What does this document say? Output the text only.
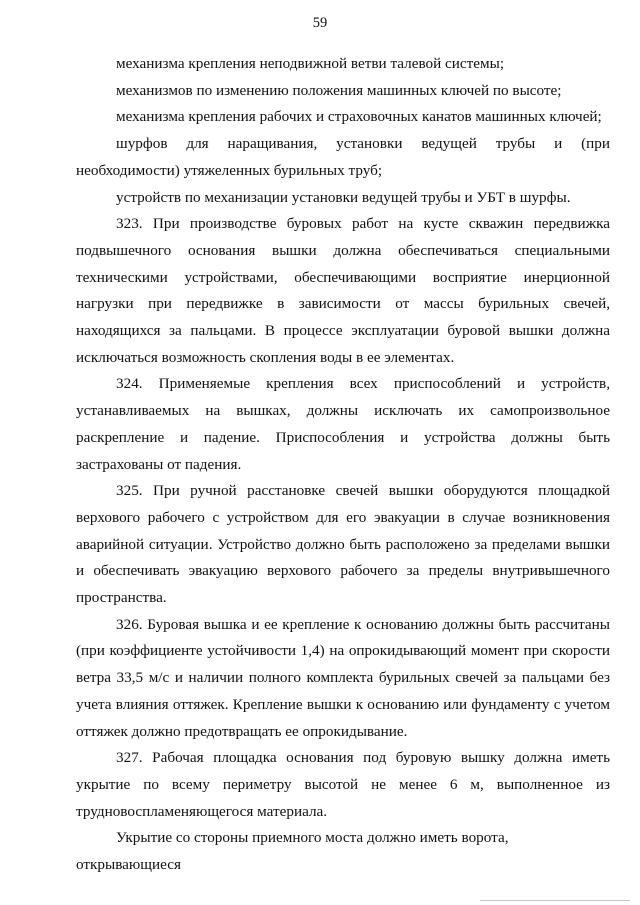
59

механизма крепления неподвижной ветви талевой системы;

механизмов по изменению положения машинных ключей по высоте;

механизма крепления рабочих и страховочных канатов машинных ключей;

шурфов для наращивания, установки ведущей трубы и (при необходимости) утяжеленных бурильных труб;

устройств по механизации установки ведущей трубы и УБТ в шурфы.

323. При производстве буровых работ на кусте скважин передвижка подвышечного основания вышки должна обеспечиваться специальными техническими устройствами, обеспечивающими восприятие инерционной нагрузки при передвижке в зависимости от массы бурильных свечей, находящихся за пальцами. В процессе эксплуатации буровой вышки должна исключаться возможность скопления воды в ее элементах.

324. Применяемые крепления всех приспособлений и устройств, устанавливаемых на вышках, должны исключать их самопроизвольное раскрепление и падение. Приспособления и устройства должны быть застрахованы от падения.

325. При ручной расстановке свечей вышки оборудуются площадкой верхового рабочего с устройством для его эвакуации в случае возникновения аварийной ситуации. Устройство должно быть расположено за пределами вышки и обеспечивать эвакуацию верхового рабочего за пределы внутривышечного пространства.

326. Буровая вышка и ее крепление к основанию должны быть рассчитаны (при коэффициенте устойчивости 1,4) на опрокидывающий момент при скорости ветра 33,5 м/с и наличии полного комплекта бурильных свечей за пальцами без учета влияния оттяжек. Крепление вышки к основанию или фундаменту с учетом оттяжек должно предотвращать ее опрокидывание.

327. Рабочая площадка основания под буровую вышку должна иметь укрытие по всему периметру высотой не менее 6 м, выполненное из трудновоспламеняющегося материала.

Укрытие со стороны приемного моста должно иметь ворота, открывающиеся
